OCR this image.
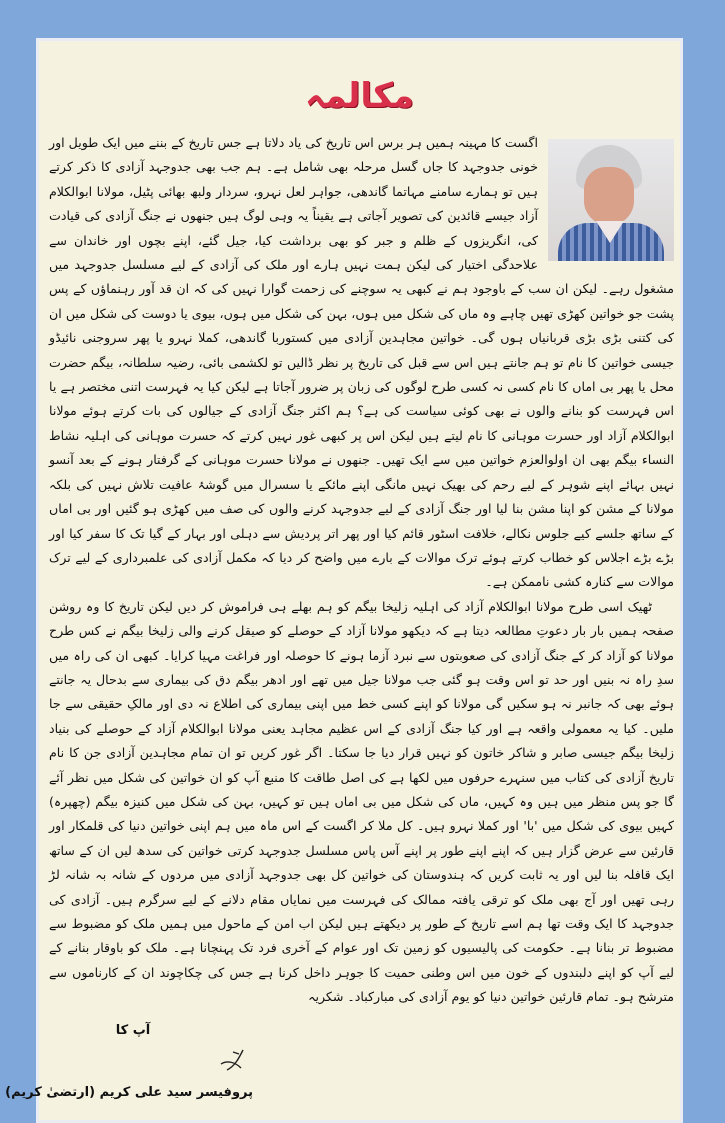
مکالمہ

اگست کا مہینہ ہمیں ہر برس اس تاریخ کی یاد دلاتا ہے جس تاریخ کے بننے میں ایک طویل اور خونی جدوجہد کا جاں گسل مرحلہ بھی شامل ہے۔ ہم جب بھی جدوجہد آزادی کا ذکر کرتے ہیں تو ہمارے سامنے مہاتما گاندھی، جواہر لعل نہرو، سردار ولبھ بھائی پٹیل، مولانا ابوالکلام آزاد جیسے قائدین کی تصویر آجاتی ہے یقیناً یہ وہی لوگ ہیں جنھوں نے جنگ آزادی کی قیادت کی، انگریزوں کے ظلم و جبر کو بھی برداشت کیا، جیل گئے، اپنے بچوں اور خاندان سے علاحدگی اختیار کی لیکن ہمت نہیں ہارے اور ملک کی آزادی کے لیے مسلسل جدوجہد میں مشغول رہے۔ لیکن ان سب کے باوجود ہم نے کبھی یہ سوچنے کی زحمت گوارا نہیں کی کہ ان قد آور رہنماؤں کے پس پشت جو خواتین کھڑی تھیں چاہے وہ ماں کی شکل میں ہوں، بہن کی شکل میں ہوں، بیوی یا دوست کی شکل میں ان کی کتنی بڑی بڑی قربانیاں ہوں گی۔ خواتین مجاہدین آزادی میں کستوربا گاندھی، کملا نہرو یا پھر سروجنی نائیڈو جیسی خواتین کا نام تو ہم جانتے ہیں اس سے قبل کی تاریخ پر نظر ڈالیں تو لکشمی بائی، رضیہ سلطانہ، بیگم حضرت محل یا پھر بی اماں کا نام کسی نہ کسی طرح لوگوں کی زبان پر ضرور آجاتا ہے لیکن کیا یہ فہرست اتنی مختصر ہے یا اس فہرست کو بنانے والوں نے بھی کوئی سیاست کی ہے؟ ہم اکثر جنگ آزادی کے جیالوں کی بات کرتے ہوئے مولانا ابوالکلام آزاد اور حسرت موہانی کا نام لیتے ہیں لیکن اس پر کبھی غور نہیں کرتے کہ حسرت موہانی کی اہلیہ نشاط النساء بیگم بھی ان اولوالعزم خواتین میں سے ایک تھیں۔ جنھوں نے مولانا حسرت موہانی کے گرفتار ہونے کے بعد آنسو نہیں بہائے اپنے شوہر کے لیے رحم کی بھیک نہیں مانگی اپنے مائکے یا سسرال میں گوشۂ عافیت تلاش نہیں کی بلکہ مولانا کے مشن کو اپنا مشن بنا لیا اور جنگ آزادی کے لیے جدوجہد کرنے والوں کی صف میں کھڑی ہو گئیں اور بی اماں کے ساتھ جلسے کیے جلوس نکالے، خلافت اسٹور قائم کیا اور پھر اتر پردیش سے دہلی اور بہار کے گیا تک کا سفر کیا اور بڑے بڑے اجلاس کو خطاب کرتے ہوئے ترک موالات کے بارے میں واضح کر دیا کہ مکمل آزادی کی علمبرداری کے لیے ترک موالات سے کنارہ کشی ناممکن ہے۔

ٹھیک اسی طرح مولانا ابوالکلام آزاد کی اہلیہ زلیخا بیگم کو ہم بھلے ہی فراموش کر دیں لیکن تاریخ کا وہ روشن صفحہ ہمیں بار بار دعوتِ مطالعہ دیتا ہے کہ دیکھو مولانا آزاد کے حوصلے کو صیقل کرنے والی زلیخا بیگم نے کس طرح مولانا کو آزاد کر کے جنگ آزادی کی صعوبتوں سے نبرد آزما ہونے کا حوصلہ اور فراغت مہیا کرایا۔ کبھی ان کی راہ میں سدِ راہ نہ بنیں اور حد تو اس وقت ہو گئی جب مولانا جیل میں تھے اور ادھر بیگم دق کی بیماری سے بدحال یہ جانتے ہوئے بھی کہ جانبر نہ ہو سکیں گی مولانا کو اپنے کسی خط میں اپنی بیماری کی اطلاع نہ دی اور مالکِ حقیقی سے جا ملیں۔ کیا یہ معمولی واقعہ ہے اور کیا جنگ آزادی کے اس عظیم مجاہد یعنی مولانا ابوالکلام آزاد کے حوصلے کی بنیاد زلیخا بیگم جیسی صابر و شاکر خاتون کو نہیں قرار دیا جا سکتا۔ اگر غور کریں تو ان تمام مجاہدین آزادی جن کا نام تاریخ آزادی کی کتاب میں سنہرے حرفوں میں لکھا ہے کی اصل طاقت کا منبع آپ کو ان خواتین کی شکل میں نظر آئے گا جو پس منظر میں ہیں وہ کہیں، ماں کی شکل میں بی اماں ہیں تو کہیں، بہن کی شکل میں کنیزہ بیگم (چھپرہ) کہیں بیوی کی شکل میں 'با' اور کملا نہرو ہیں۔ کل ملا کر اگست کے اس ماہ میں ہم اپنی خواتین دنیا کی قلمکار اور قارئین سے عرض گزار ہیں کہ اپنے اپنے طور پر اپنے آس پاس مسلسل جدوجہد کرتی خواتین کی سدھ لیں ان کے ساتھ ایک قافلہ بنا لیں اور یہ ثابت کریں کہ ہندوستان کی خواتین کل بھی جدوجہد آزادی میں مردوں کے شانہ بہ شانہ لڑ رہی تھیں اور آج بھی ملک کو ترقی یافتہ ممالک کی فہرست میں نمایاں مقام دلانے کے لیے سرگرم ہیں۔ آزادی کی جدوجہد کا ایک وقت تھا ہم اسے تاریخ کے طور پر دیکھتے ہیں لیکن اب امن کے ماحول میں ہمیں ملک کو مضبوط سے مضبوط تر بنانا ہے۔ حکومت کی پالیسیوں کو زمین تک اور عوام کے آخری فرد تک پہنچانا ہے۔ ملک کو باوقار بنانے کے لیے آپ کو اپنے دلبندوں کے خون میں اس وطنی حمیت کا جوہر داخل کرنا ہے جس کی چکاچوند ان کے کارناموں سے مترشح ہو۔ تمام قارئین خواتین دنیا کو یوم آزادی کی مبارکباد۔ شکریہ

آپ کا
پروفیسر سید علی کریم (ارتضیٰ کریم)
